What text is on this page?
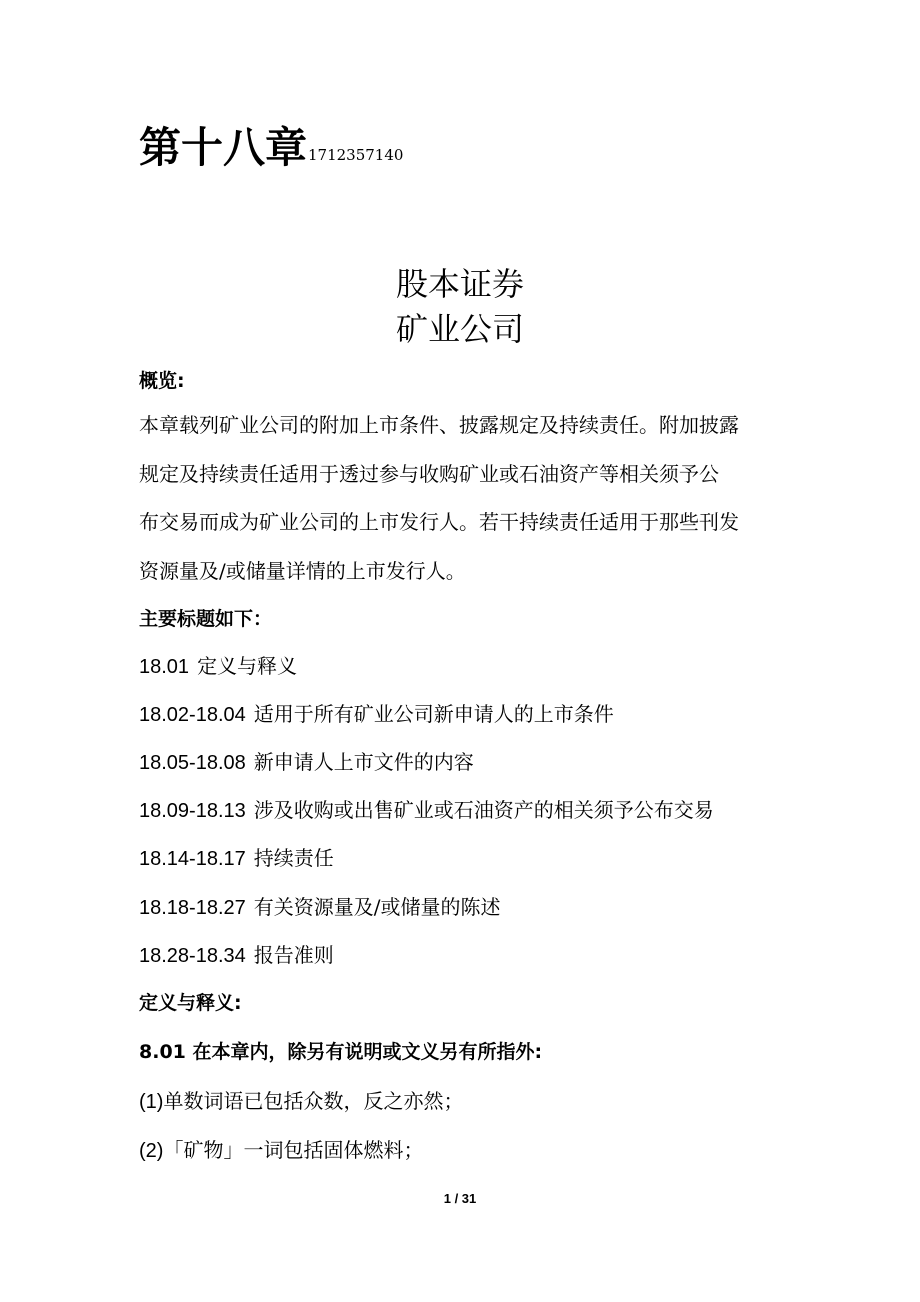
第十八章 1712357140
股本证券
矿业公司
概览:
本章载列矿业公司的附加上市条件、披露规定及持续责任。附加披露
规定及持续责任适用于透过参与收购矿业或石油资产等相关须予公
布交易而成为矿业公司的上市发行人。若干持续责任适用于那些刊发
资源量及/或储量详情的上市发行人。
主要标题如下：
18.01 定义与释义
18.02-18.04 适用于所有矿业公司新申请人的上市条件
18.05-18.08 新申请人上市文件的内容
18.09-18.13 涉及收购或出售矿业或石油资产的相关须予公布交易
18.14-18.17 持续责任
18.18-18.27 有关资源量及/或储量的陈述
18.28-18.34 报告准则
定义与释义:
8.01 在本章内，除另有说明或文义另有所指外:
(1)单数词语已包括众数，反之亦然；
(2)「矿物」一词包括固体燃料；
1 / 31
